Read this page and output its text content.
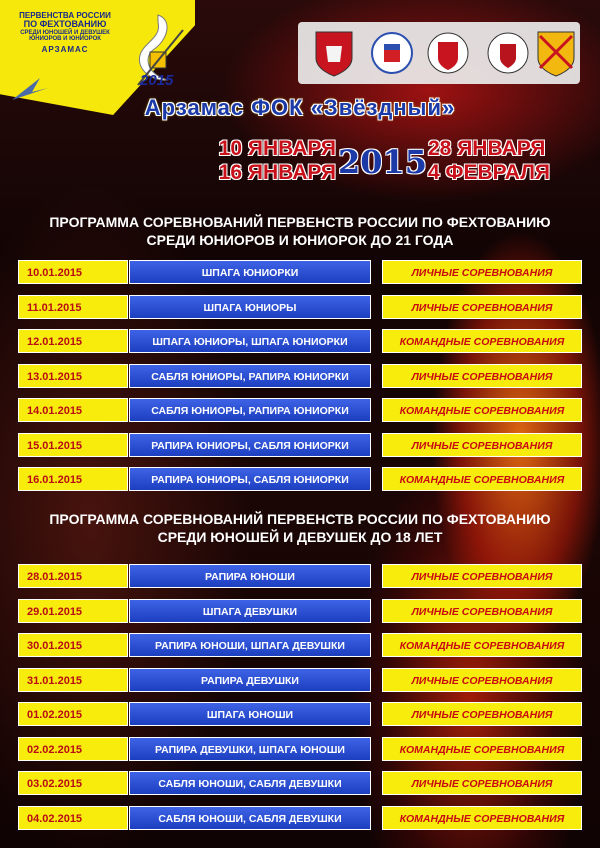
ПЕРВЕНСТВА РОССИИ
ПО ФЕХТОВАНИЮ
СРЕДИ ЮНОШЕЙ И ДЕВУШЕК
ЮНИОРОВ И ЮНИОРОК
АРЗАМАС
2015
Арзамас ФОК «Звёздный»
10 ЯНВАРЯ
16 ЯНВАРЯ 2015 28 ЯНВАРЯ
4 ФЕВРАЛЯ
ПРОГРАММА СОРЕВНОВАНИЙ ПЕРВЕНСТВ РОССИИ ПО ФЕХТОВАНИЮ
СРЕДИ ЮНИОРОВ И ЮНИОРОК ДО 21 ГОДА
10.01.2015	ШПАГА ЮНИОРКИ	ЛИЧНЫЕ СОРЕВНОВАНИЯ
11.01.2015	ШПАГА ЮНИОРЫ	ЛИЧНЫЕ СОРЕВНОВАНИЯ
12.01.2015	ШПАГА ЮНИОРЫ, ШПАГА ЮНИОРКИ	КОМАНДНЫЕ СОРЕВНОВАНИЯ
13.01.2015	САБЛЯ ЮНИОРЫ, РАПИРА ЮНИОРКИ	ЛИЧНЫЕ СОРЕВНОВАНИЯ
14.01.2015	САБЛЯ ЮНИОРЫ, РАПИРА ЮНИОРКИ	КОМАНДНЫЕ СОРЕВНОВАНИЯ
15.01.2015	РАПИРА ЮНИОРЫ, САБЛЯ ЮНИОРКИ	ЛИЧНЫЕ СОРЕВНОВАНИЯ
16.01.2015	РАПИРА ЮНИОРЫ, САБЛЯ ЮНИОРКИ	КОМАНДНЫЕ СОРЕВНОВАНИЯ
ПРОГРАММА СОРЕВНОВАНИЙ ПЕРВЕНСТВ РОССИИ ПО ФЕХТОВАНИЮ
СРЕДИ ЮНОШЕЙ И ДЕВУШЕК ДО 18 ЛЕТ
28.01.2015	РАПИРА ЮНОШИ	ЛИЧНЫЕ СОРЕВНОВАНИЯ
29.01.2015	ШПАГА ДЕВУШКИ	ЛИЧНЫЕ СОРЕВНОВАНИЯ
30.01.2015	РАПИРА ЮНОШИ, ШПАГА ДЕВУШКИ	КОМАНДНЫЕ СОРЕВНОВАНИЯ
31.01.2015	РАПИРА ДЕВУШКИ	ЛИЧНЫЕ СОРЕВНОВАНИЯ
01.02.2015	ШПАГА ЮНОШИ	ЛИЧНЫЕ СОРЕВНОВАНИЯ
02.02.2015	РАПИРА ДЕВУШКИ, ШПАГА ЮНОШИ	КОМАНДНЫЕ СОРЕВНОВАНИЯ
03.02.2015	САБЛЯ ЮНОШИ, САБЛЯ ДЕВУШКИ	ЛИЧНЫЕ СОРЕВНОВАНИЯ
04.02.2015	САБЛЯ ЮНОШИ, САБЛЯ ДЕВУШКИ	КОМАНДНЫЕ СОРЕВНОВАНИЯ
